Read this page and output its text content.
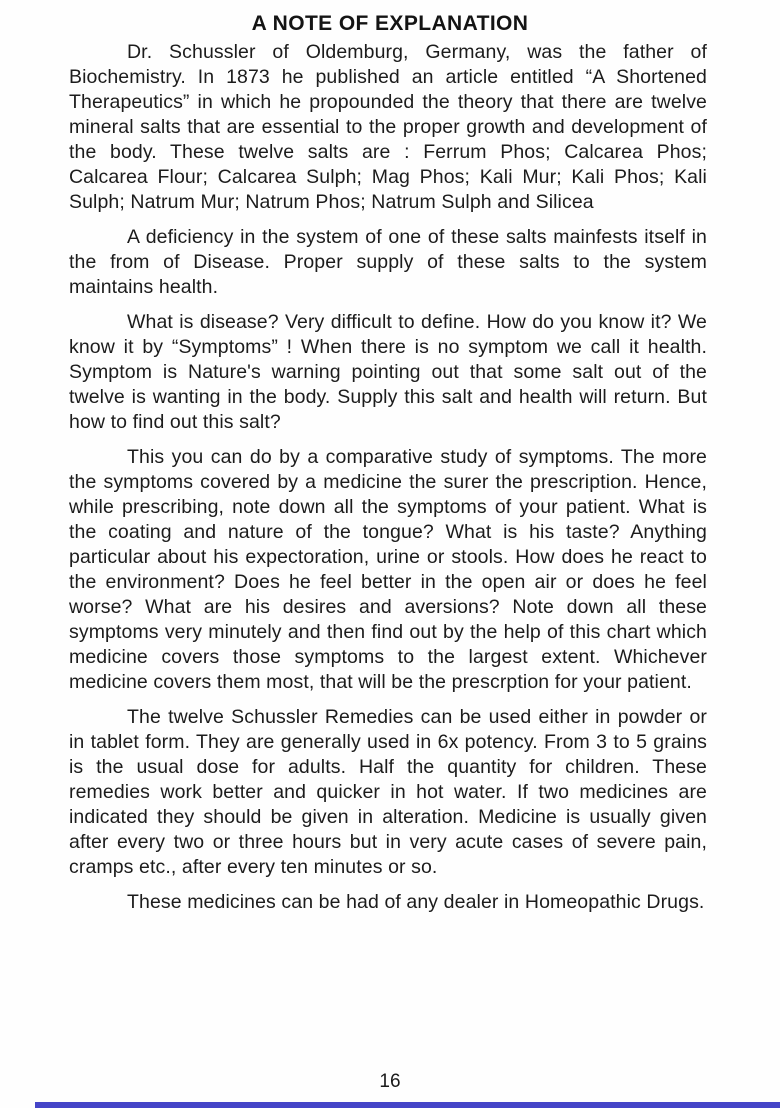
A NOTE OF EXPLANATION

Dr. Schussler of Oldemburg, Germany, was the father of Biochemistry. In 1873 he published an article entitled “A Shortened Therapeutics” in which he propounded the theory that there are twelve mineral salts that are essential to the proper growth and development of the body. These twelve salts are : Ferrum Phos; Calcarea Phos; Calcarea Flour; Calcarea Sulph; Mag Phos; Kali Mur; Kali Phos; Kali Sulph; Natrum Mur; Natrum Phos; Natrum Sulph and Silicea

A deficiency in the system of one of these salts mainfests itself in the from of Disease. Proper supply of these salts to the system maintains health.

What is disease? Very difficult to define. How do you know it? We know it by “Symptoms” ! When there is no symptom we call it health. Symptom is Nature's warning pointing out that some salt out of the twelve is wanting in the body. Supply this salt and health will return. But how to find out this salt?

This you can do by a comparative study of symptoms. The more the symptoms covered by a medicine the surer the prescription. Hence, while prescribing, note down all the symptoms of your patient. What is the coating and nature of the tongue? What is his taste? Anything particular about his expectoration, urine or stools. How does he react to the environment? Does he feel better in the open air or does he feel worse? What are his desires and aversions? Note down all these symptoms very minutely and then find out by the help of this chart which medicine covers those symptoms to the largest extent. Whichever medicine covers them most, that will be the prescrption for your patient.

The twelve Schussler Remedies can be used either in powder or in tablet form. They are generally used in 6x potency. From 3 to 5 grains is the usual dose for adults. Half the quantity for children. These remedies work better and quicker in hot water. If two medicines are indicated they should be given in alteration. Medicine is usually given after every two or three hours but in very acute cases of severe pain, cramps etc., after every ten minutes or so.

These medicines can be had of any dealer in Homeopathic Drugs.

16
